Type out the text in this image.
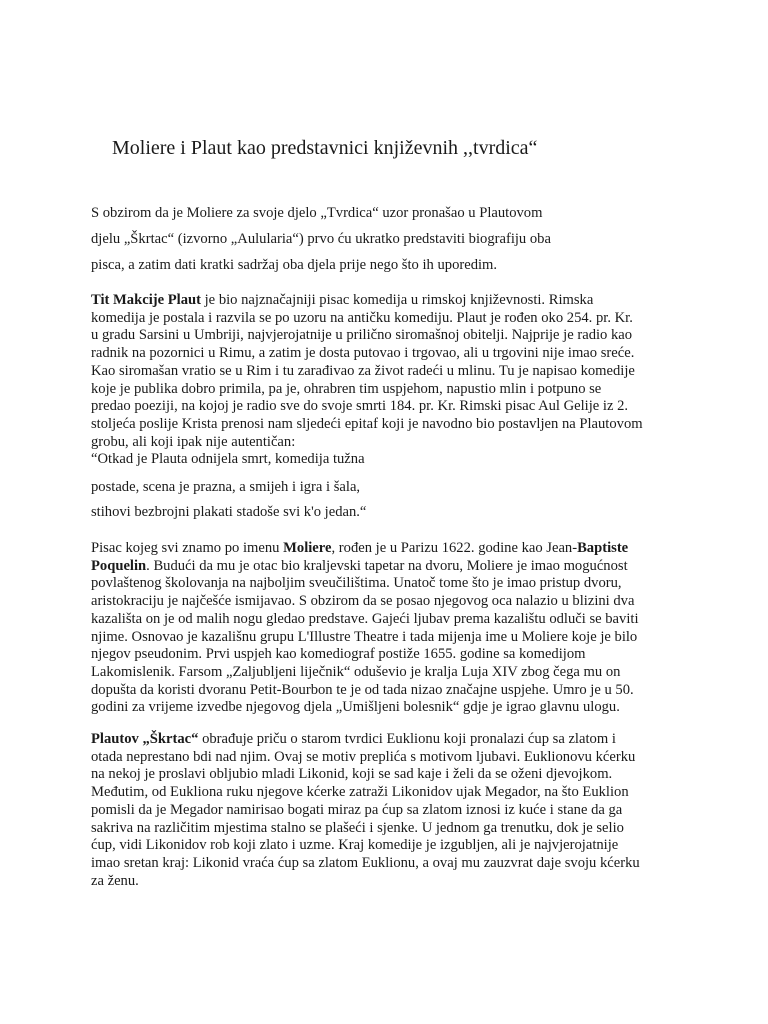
Moliere i Plaut kao predstavnici književnih ,,tvrdica“

S obzirom da je Moliere za svoje djelo „Tvrdica“ uzor pronašao u Plautovom

djelu „Škrtac“ (izvorno „Aulularia“) prvo ću ukratko predstaviti biografiju oba

pisca, a zatim dati kratki sadržaj oba djela prije nego što ih uporedim.

Tit Makcije Plaut je bio najznačajniji pisac komedija u rimskoj književnosti. Rimska
komedija je postala i razvila se po uzoru na antičku komediju. Plaut je rođen oko 254. pr. Kr.
u gradu Sarsini u Umbriji, najvjerojatnije u prilično siromašnoj obitelji. Najprije je radio kao
radnik na pozornici u Rimu, a zatim je dosta putovao i trgovao, ali u trgovini nije imao sreće.
Kao siromašan vratio se u Rim i tu zarađivao za život radeći u mlinu. Tu je napisao komedije
koje je publika dobro primila, pa je, ohrabren tim uspjehom, napustio mlin i potpuno se
predao poeziji, na kojoj je radio sve do svoje smrti 184. pr. Kr. Rimski pisac Aul Gelije iz 2.
stoljeća poslije Krista prenosi nam sljedeći epitaf koji je navodno bio postavljen na Plautovom
grobu, ali koji ipak nije autentičan:
“Otkad je Plauta odnijela smrt, komedija tužna
postade, scena je prazna, a smijeh i igra i šala,
stihovi bezbrojni plakati stadoše svi k'o jedan.“
Pisac kojeg svi znamo po imenu Moliere, rođen je u Parizu 1622. godine kao Jean-Baptiste
Poquelin. Budući da mu je otac bio kraljevski tapetar na dvoru, Moliere je imao mogućnost
povlaštenog školovanja na najboljim sveučilištima. Unatoč tome što je imao pristup dvoru,
aristokraciju je najčešće ismijavao. S obzirom da se posao njegovog oca nalazio u blizini dva
kazališta on je od malih nogu gledao predstave. Gajeći ljubav prema kazalištu odluči se baviti
njime. Osnovao je kazališnu grupu L'Illustre Theatre i tada mijenja ime u Moliere koje je bilo
njegov pseudonim. Prvi uspjeh kao komediograf postiže 1655. godine sa komedijom
Lakomislenik. Farsom „Zaljubljeni liječnik“ oduševio je kralja Luja XIV zbog čega mu on
dopušta da koristi dvoranu Petit-Bourbon te je od tada nizao značajne uspjehe. Umro je u 50.
godini za vrijeme izvedbe njegovog djela „Umišljeni bolesnik“ gdje je igrao glavnu ulogu.
Plautov „Škrtac“ obrađuje priču o starom tvrdici Euklionu koji pronalazi ćup sa zlatom i
otada neprestano bdi nad njim. Ovaj se motiv preplića s motivom ljubavi. Euklionovu kćerku
na nekoj je proslavi obljubio mladi Likonid, koji se sad kaje i želi da se oženi djevojkom.
Međutim, od Euklionа ruku njegove kćerke zatraži Likonidov ujak Megador, na što Euklion
pomisli da je Megador namirisao bogati miraz pa ćup sa zlatom iznosi iz kuće i stane da ga
sakriva na različitim mjestima stalno se plašeći i sjenke. U jednom ga trenutku, dok je selio
ćup, vidi Likonidov rob koji zlato i uzme. Kraj komedije je izgubljen, ali je najvjerojatnije
imao sretan kraj: Likonid vraća ćup sa zlatom Euklionu, a ovaj mu zauzvrat daje svoju kćerku
za ženu.
